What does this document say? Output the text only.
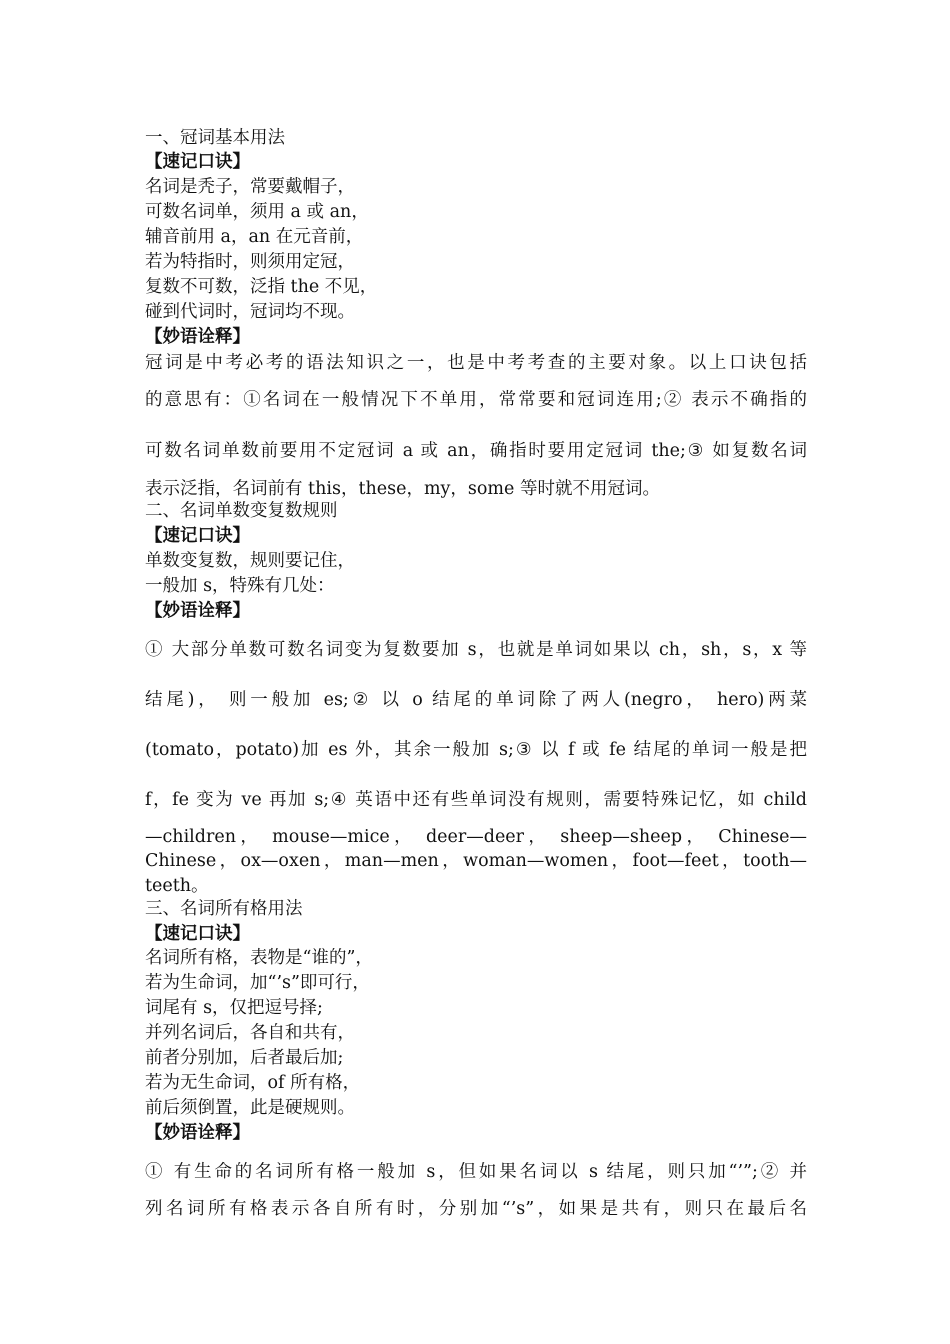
一、冠词基本用法
【速记口诀】
名词是秃子，常要戴帽子，
可数名词单，须用 a 或 an，
辅音前用 a，an 在元音前，
若为特指时，则须用定冠，
复数不可数，泛指 the 不见，
碰到代词时，冠词均不现。
【妙语诠释】
冠词是中考必考的语法知识之一，也是中考考查的主要对象。以上口诀包括
的意思有：①名词在一般情况下不单用，常常要和冠词连用;② 表示不确指的
可数名词单数前要用不定冠词 a 或 an，确指时要用定冠词 the;③ 如复数名词
表示泛指，名词前有 this，these，my，some 等时就不用冠词。
二、名词单数变复数规则
【速记口诀】
单数变复数，规则要记住，
一般加 s，特殊有几处：
【妙语诠释】
① 大部分单数可数名词变为复数要加 s，也就是单词如果以 ch，sh，s，x 等
结尾)， 则一般加 es;② 以 o 结尾的单词除了两人(negro， hero)两菜
(tomato，potato)加 es 外，其余一般加 s;③ 以 f 或 fe 结尾的单词一般是把
f，fe 变为 ve 再加 s;④ 英语中还有些单词没有规则，需要特殊记忆，如 child
—children， mouse—mice， deer—deer， sheep—sheep， Chinese—
Chinese，ox—oxen，man—men，woman—women，foot—feet，tooth—
teeth。
三、名词所有格用法
【速记口诀】
名词所有格，表物是“谁的”，
若为生命词，加“’s”即可行，
词尾有 s，仅把逗号择;
并列名词后，各自和共有，
前者分别加，后者最后加;
若为无生命词，of 所有格，
前后须倒置，此是硬规则。
【妙语诠释】
① 有生命的名词所有格一般加 s，但如果名词以 s 结尾，则只加“’”;② 并
列名词所有格表示各自所有时，分别加“’s”，如果是共有，则只在最后名
